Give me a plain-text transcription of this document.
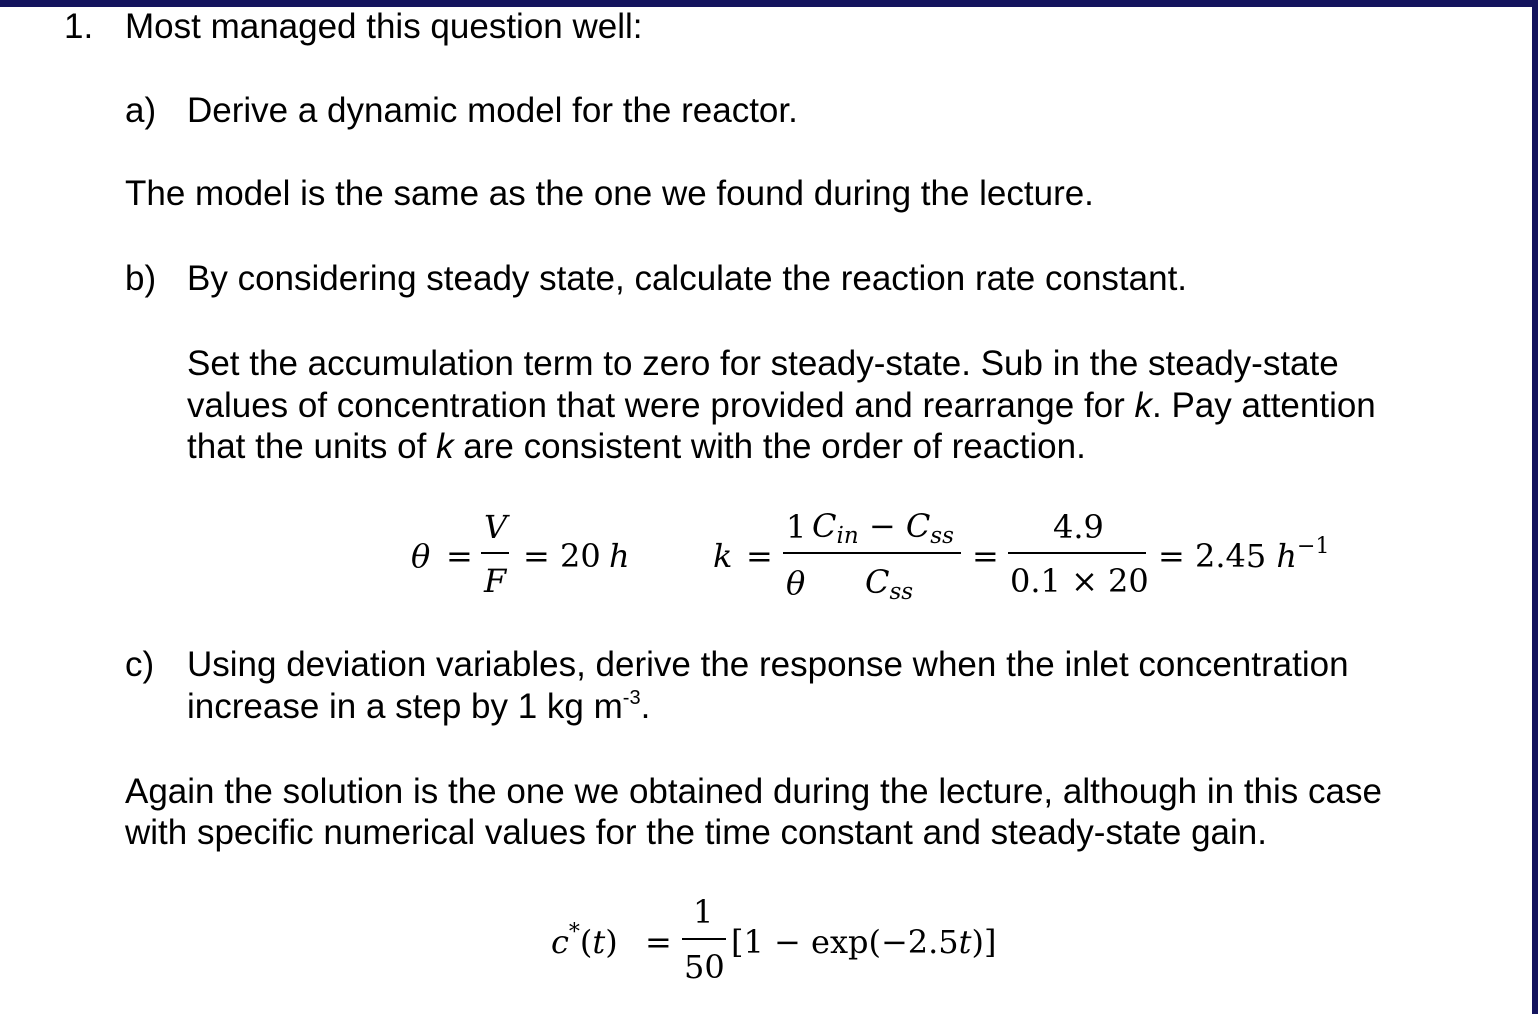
1. Most managed this question well:
a) Derive a dynamic model for the reactor.
The model is the same as the one we found during the lecture.
b) By considering steady state, calculate the reaction rate constant.
Set the accumulation term to zero for steady-state. Sub in the steady-state
values of concentration that were provided and rearrange for k. Pay attention
that the units of k are consistent with the order of reaction.
θ =
V
F
= 20 h	k =
1
θ
Cin − Css
Css
=
4.9
0.1 × 20
= 2.45 $h^{-1}$
c) Using deviation variables, derive the response when the inlet concentration
increase in a step by 1 kg $m^{-3}$.
Again the solution is the one we obtained during the lecture, although in this case
with specific numerical values for the time constant and steady-state gain.
c*(t) =
1
50
[1 − exp(−2.5t)]
